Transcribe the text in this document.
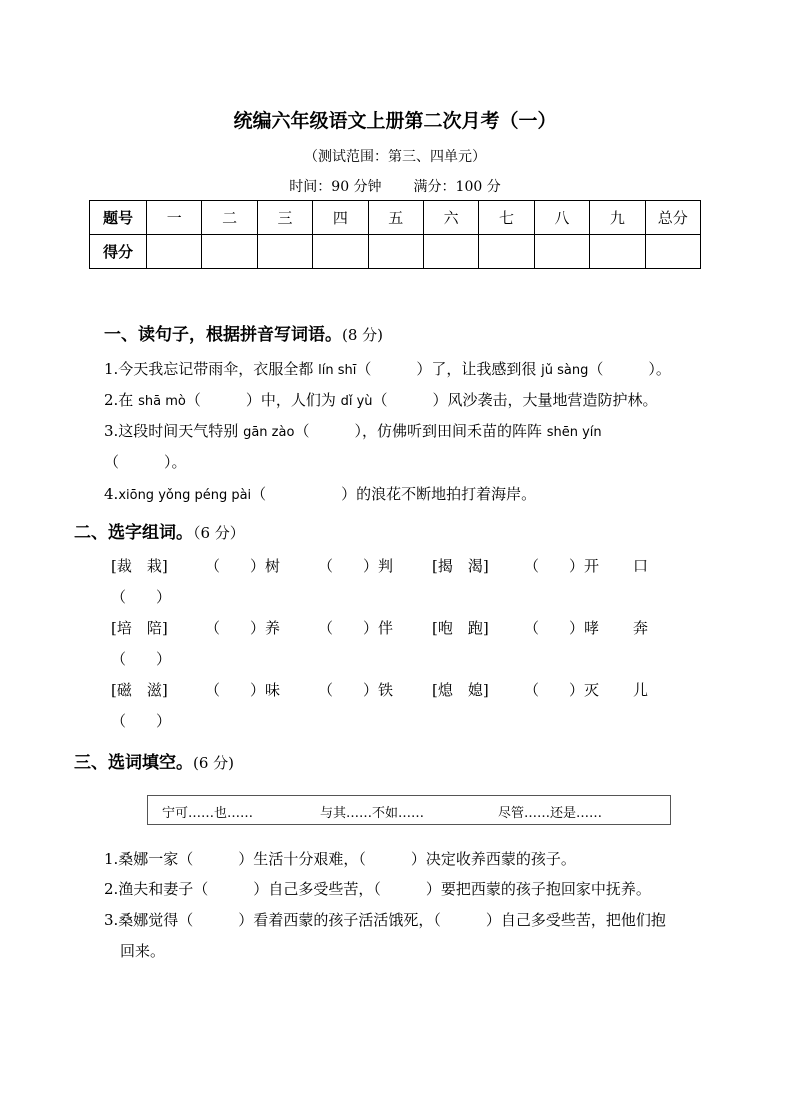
统编六年级语文上册第二次月考（一）
（测试范围：第三、四单元）
时间：90 分钟 满分：100 分
题号	一	二	三	四	五	六	七	八	九	总分
得分										
一、读句子，根据拼音写词语。(8 分)
1.今天我忘记带雨伞，衣服全都 lín shī（　　　）了，让我感到很 jǔ sàng（　　　）。
2.在 shā mò（　　　）中，人们为 dǐ yù（　　　）风沙袭击，大量地营造防护林。
3.这段时间天气特别 gān zào（　　　），仿佛听到田间禾苗的阵阵 shēn yín
（　　　）。
4.xiōng yǒng péng pài（　　　　　）的浪花不断地拍打着海岸。
二、选字组词。（6 分）
[裁　栽] （　　）树	（　　）判	[揭　渴] （　　）开 口
（　　）
[培　陪] （　　）养	（　　）伴	[咆　跑] （　　）哮 奔
（　　）
[磁　滋] （　　）味	（　　）铁	[熄　媳] （　　）灭 儿
（　　）
三、选词填空。(6 分)
宁可……也……	与其……不如……	尽管……还是……
1.桑娜一家（　　　）生活十分艰难，（　　　）决定收养西蒙的孩子。
2.渔夫和妻子（　　　）自己多受些苦，（　　　）要把西蒙的孩子抱回家中抚养。
3.桑娜觉得（　　　）看着西蒙的孩子活活饿死，（　　　）自己多受些苦，把他们抱
回来。
